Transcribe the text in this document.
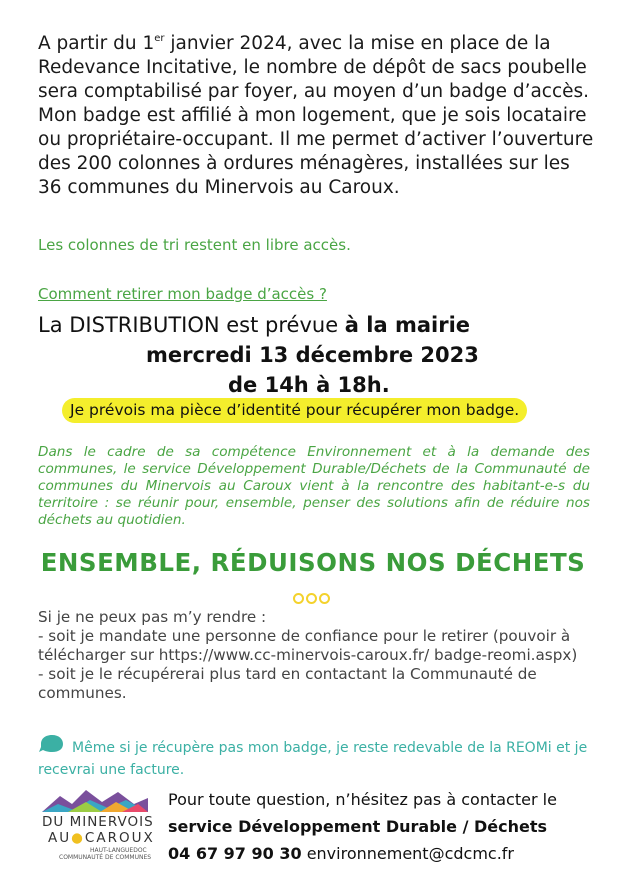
A partir du 1er janvier 2024, avec la mise en place de la Redevance Incitative, le nombre de dépôt de sacs poubelle sera comptabilisé par foyer, au moyen d’un badge d’accès.

Mon badge est affilié à mon logement, que je sois locataire ou propriétaire-occupant. Il me permet d’activer l’ouverture des 200 colonnes à ordures ménagères, installées sur les 36 communes du Minervois au Caroux.

Les colonnes de tri restent en libre accès.
Comment retirer mon badge d’accès ?
La DISTRIBUTION est prévue à la mairie
mercredi 13 décembre 2023
de 14h à 18h.
Je prévois ma pièce d’identité pour récupérer mon badge.
Dans le cadre de sa compétence Environnement et à la demande des communes, le service Développement Durable/Déchets de la Communauté de communes du Minervois au Caroux vient à la rencontre des habitant-e-s du territoire : se réunir pour, ensemble, penser des solutions afin de réduire nos déchets au quotidien.
ENSEMBLE, RÉDUISONS NOS DÉCHETS

Si je ne peux pas m’y rendre :

- soit je mandate une personne de confiance pour le retirer (pouvoir à télécharger sur https://www.cc-minervois-caroux.fr/ badge-reomi.aspx)

- soit je le récupérerai plus tard en contactant la Communauté de communes.

Même si je récupère pas mon badge, je reste redevable de la REOMi et je recevrai une facture.
DU MINERVOIS
AU●CAROUX
HAUT-LANGUEDOC
COMMUNAUTÉ DE COMMUNES
Pour toute question, n’hésitez pas à contacter le
service Développement Durable / Déchets
04 67 97 90 30 environnement@cdcmc.fr
